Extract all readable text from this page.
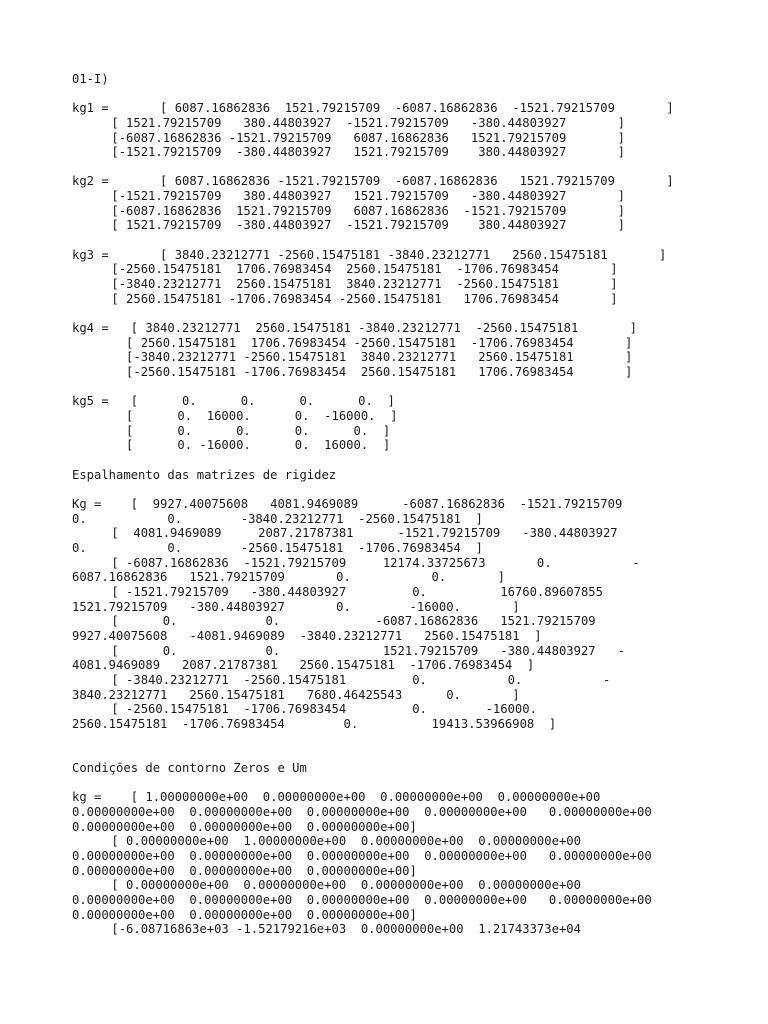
01-I)
kg1 =       [ 6087.16862836  1521.79215709  -6087.16862836  -1521.79215709       ]
[ 1521.79215709   380.44803927  -1521.79215709   -380.44803927       ]
[-6087.16862836 -1521.79215709   6087.16862836   1521.79215709       ]
[-1521.79215709  -380.44803927   1521.79215709    380.44803927       ]
kg2 =       [ 6087.16862836 -1521.79215709  -6087.16862836   1521.79215709       ]
[-1521.79215709   380.44803927   1521.79215709   -380.44803927       ]
[-6087.16862836  1521.79215709   6087.16862836  -1521.79215709       ]
[ 1521.79215709  -380.44803927  -1521.79215709    380.44803927       ]
kg3 =       [ 3840.23212771 -2560.15475181 -3840.23212771   2560.15475181       ]
[-2560.15475181  1706.76983454  2560.15475181  -1706.76983454       ]
[-3840.23212771  2560.15475181  3840.23212771  -2560.15475181       ]
[ 2560.15475181 -1706.76983454 -2560.15475181   1706.76983454       ]
kg4 =   [ 3840.23212771  2560.15475181 -3840.23212771  -2560.15475181       ]
[ 2560.15475181  1706.76983454 -2560.15475181  -1706.76983454       ]
[-3840.23212771 -2560.15475181  3840.23212771   2560.15475181       ]
[-2560.15475181 -1706.76983454  2560.15475181   1706.76983454       ]
kg5 =   [      0.      0.      0.      0.  ]
[      0.  16000.      0.  -16000.  ]
[      0.      0.      0.      0.  ]
[      0. -16000.      0.  16000.  ]
Espalhamento das matrizes de rigidez
Kg =    [  9927.40075608   4081.9469089      -6087.16862836  -1521.79215709
0.           0.        -3840.23212771  -2560.15475181  ]
[  4081.9469089     2087.21787381      -1521.79215709   -380.44803927
0.           0.        -2560.15475181  -1706.76983454  ]
[ -6087.16862836  -1521.79215709     12174.33725673       0.           -
6087.16862836   1521.79215709       0.           0.       ]
[ -1521.79215709   -380.44803927         0.          16760.89607855
1521.79215709   -380.44803927       0.        -16000.       ]
[      0.            0.             -6087.16862836   1521.79215709
9927.40075608   -4081.9469089  -3840.23212771   2560.15475181  ]
[      0.            0.              1521.79215709   -380.44803927   -
4081.9469089   2087.21787381   2560.15475181  -1706.76983454  ]
[ -3840.23212771  -2560.15475181         0.           0.           -
3840.23212771   2560.15475181   7680.46425543      0.       ]
[ -2560.15475181  -1706.76983454         0.        -16000.
2560.15475181  -1706.76983454        0.          19413.53966908  ]
Condições de contorno Zeros e Um
kg =    [ 1.00000000e+00  0.00000000e+00  0.00000000e+00  0.00000000e+00
0.00000000e+00  0.00000000e+00  0.00000000e+00  0.00000000e+00   0.00000000e+00
0.00000000e+00  0.00000000e+00  0.00000000e+00]
[ 0.00000000e+00  1.00000000e+00  0.00000000e+00  0.00000000e+00
0.00000000e+00  0.00000000e+00  0.00000000e+00  0.00000000e+00   0.00000000e+00
0.00000000e+00  0.00000000e+00  0.00000000e+00]
[ 0.00000000e+00  0.00000000e+00  0.00000000e+00  0.00000000e+00
0.00000000e+00  0.00000000e+00  0.00000000e+00  0.00000000e+00   0.00000000e+00
0.00000000e+00  0.00000000e+00  0.00000000e+00]
[-6.08716863e+03 -1.52179216e+03  0.00000000e+00  1.21743373e+04
